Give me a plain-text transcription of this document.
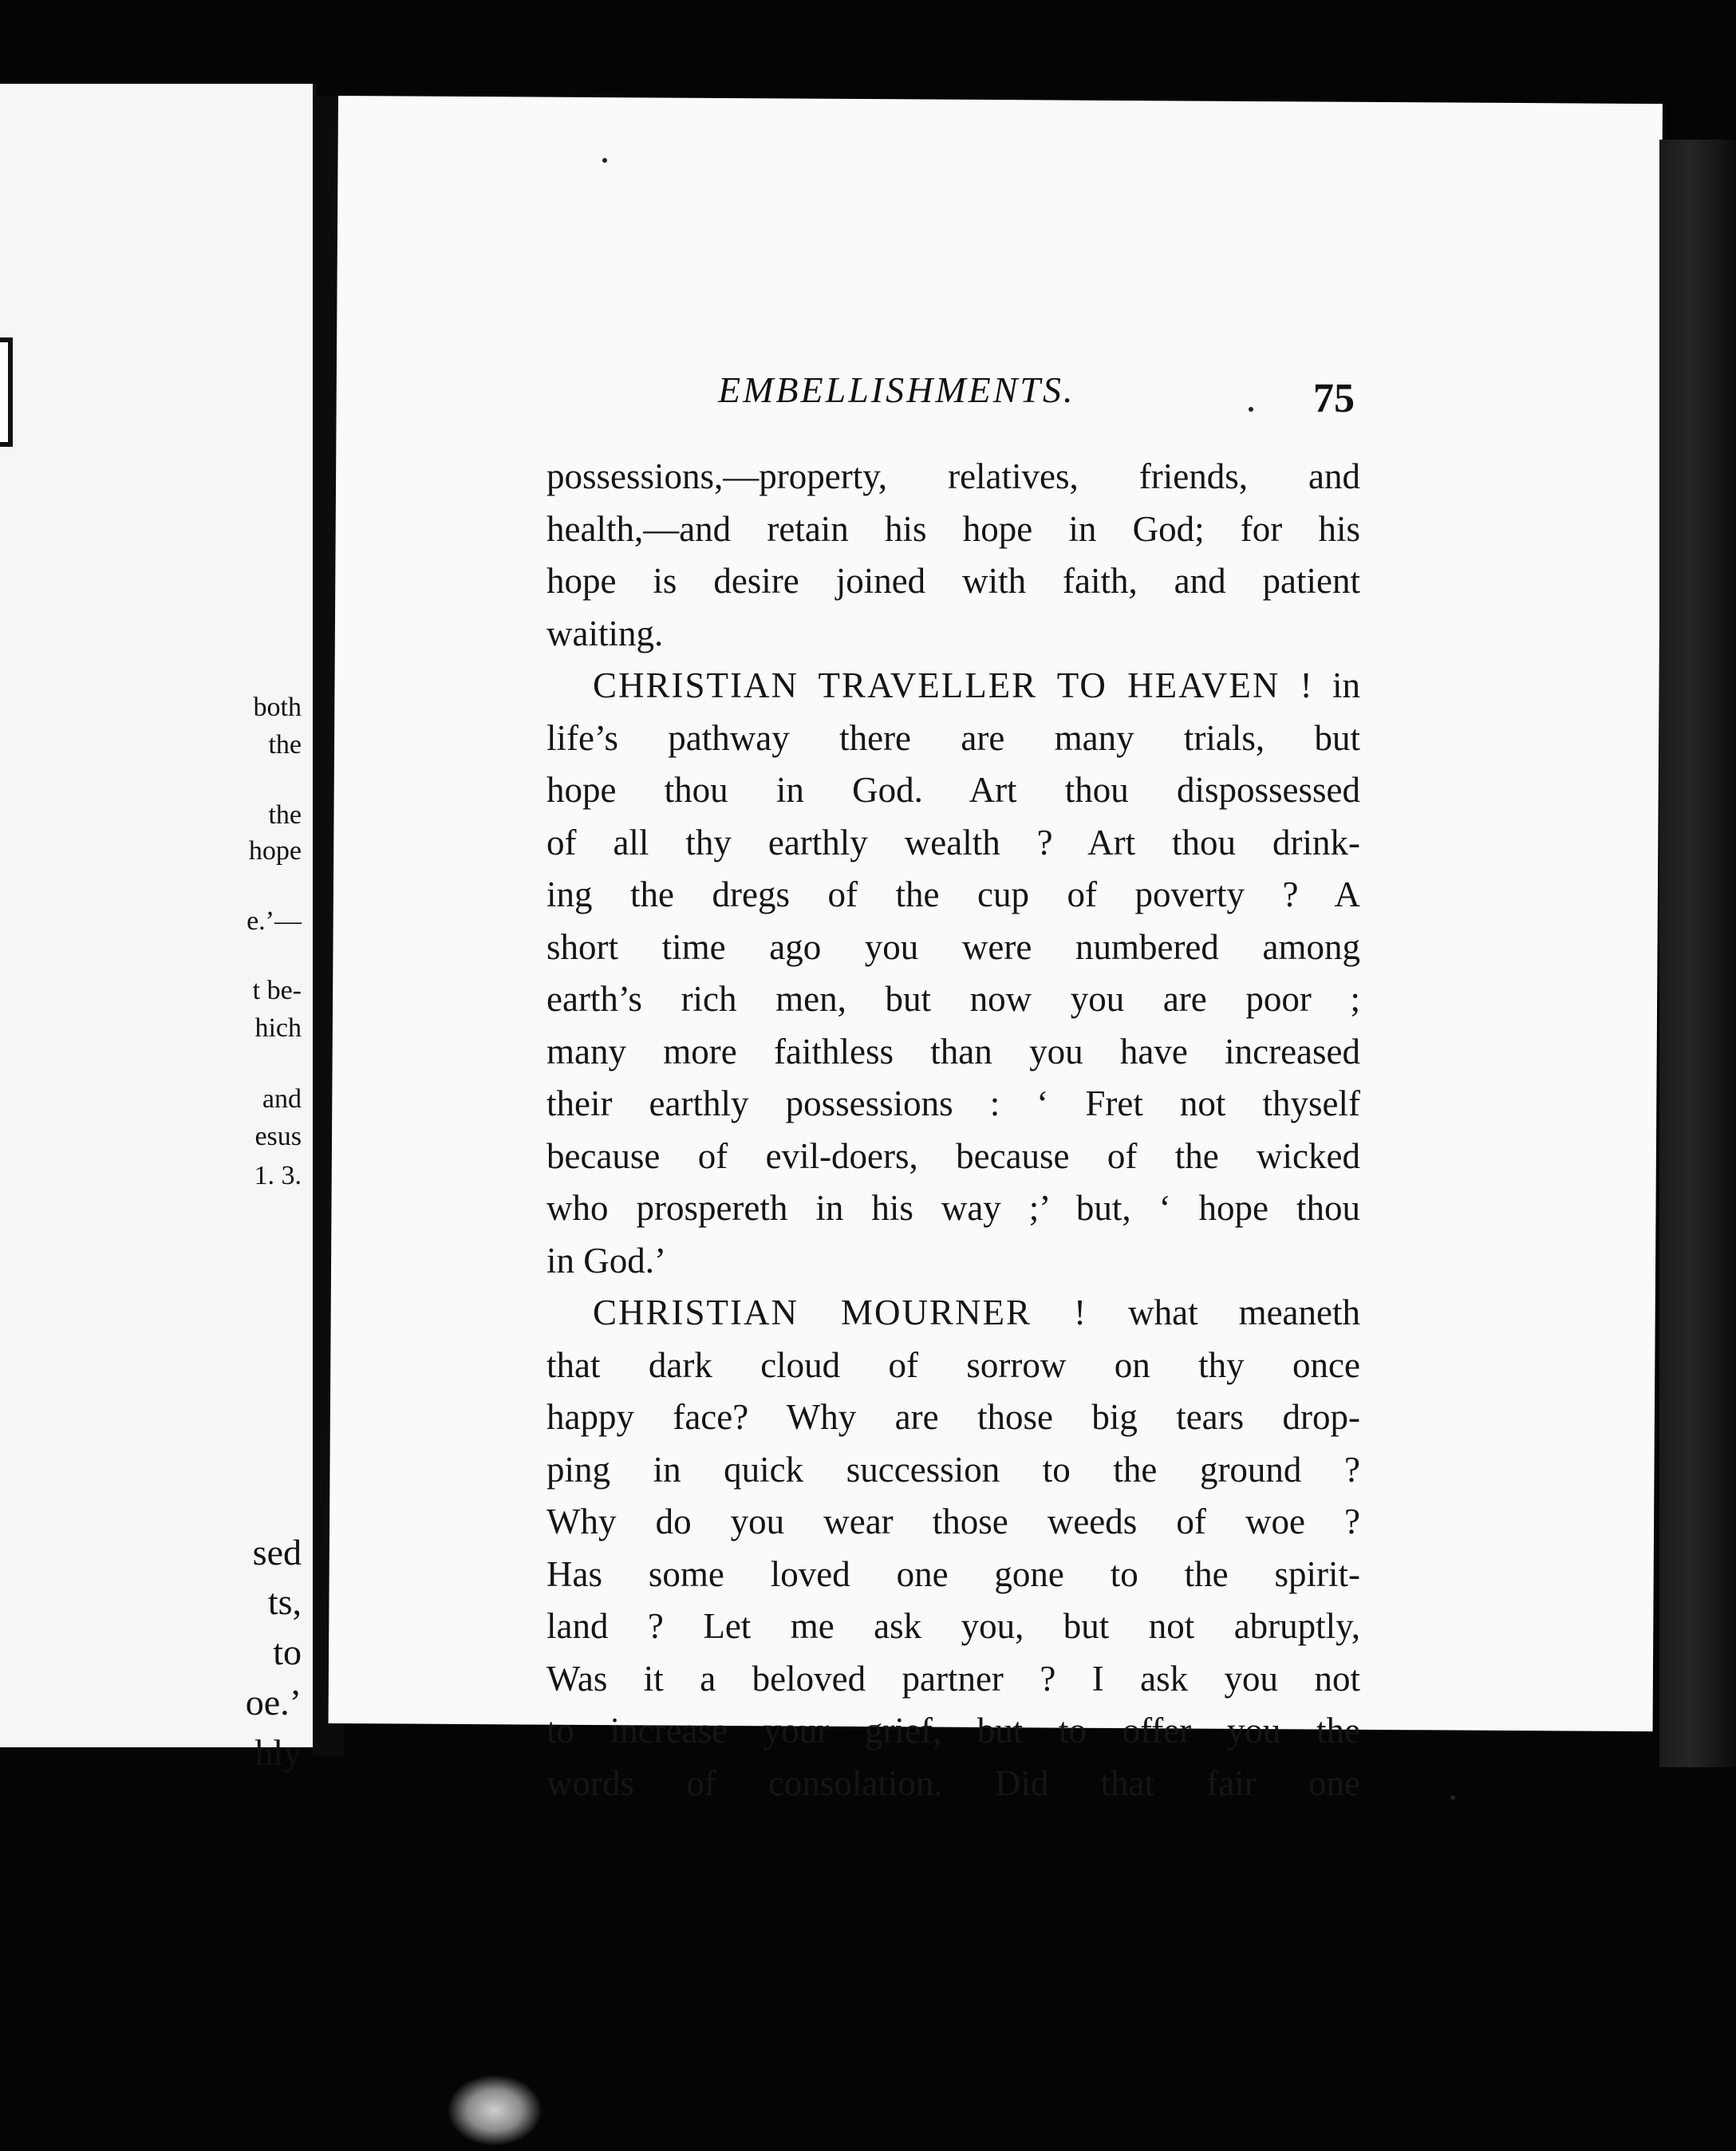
both
the
the
hope
e.’—
t be-
hich
and
esus
1. 3.
sed
ts,
to
oe.’
hly
EMBELLISHMENTS.	75
possessions,—property, relatives, friends, and
health,—and retain his hope in God; for his
hope is desire joined with faith, and patient
waiting.
CHRISTIAN TRAVELLER TO HEAVEN ! in
life’s pathway there are many trials, but
hope thou in God. Art thou dispossessed
of all thy earthly wealth ? Art thou drink-
ing the dregs of the cup of poverty ? A
short time ago you were numbered among
earth’s rich men, but now you are poor ;
many more faithless than you have increased
their earthly possessions : ‘ Fret not thyself
because of evil-doers, because of the wicked
who prospereth in his way ;’ but, ‘ hope thou
in God.’
CHRISTIAN MOURNER ! what meaneth
that dark cloud of sorrow on thy once
happy face? Why are those big tears drop-
ping in quick succession to the ground ?
Why do you wear those weeds of woe ?
Has some loved one gone to the spirit-
land ? Let me ask you, but not abruptly,
Was it a beloved partner ? I ask you not
to increase your grief, but to offer you the
words of consolation. Did that fair one
